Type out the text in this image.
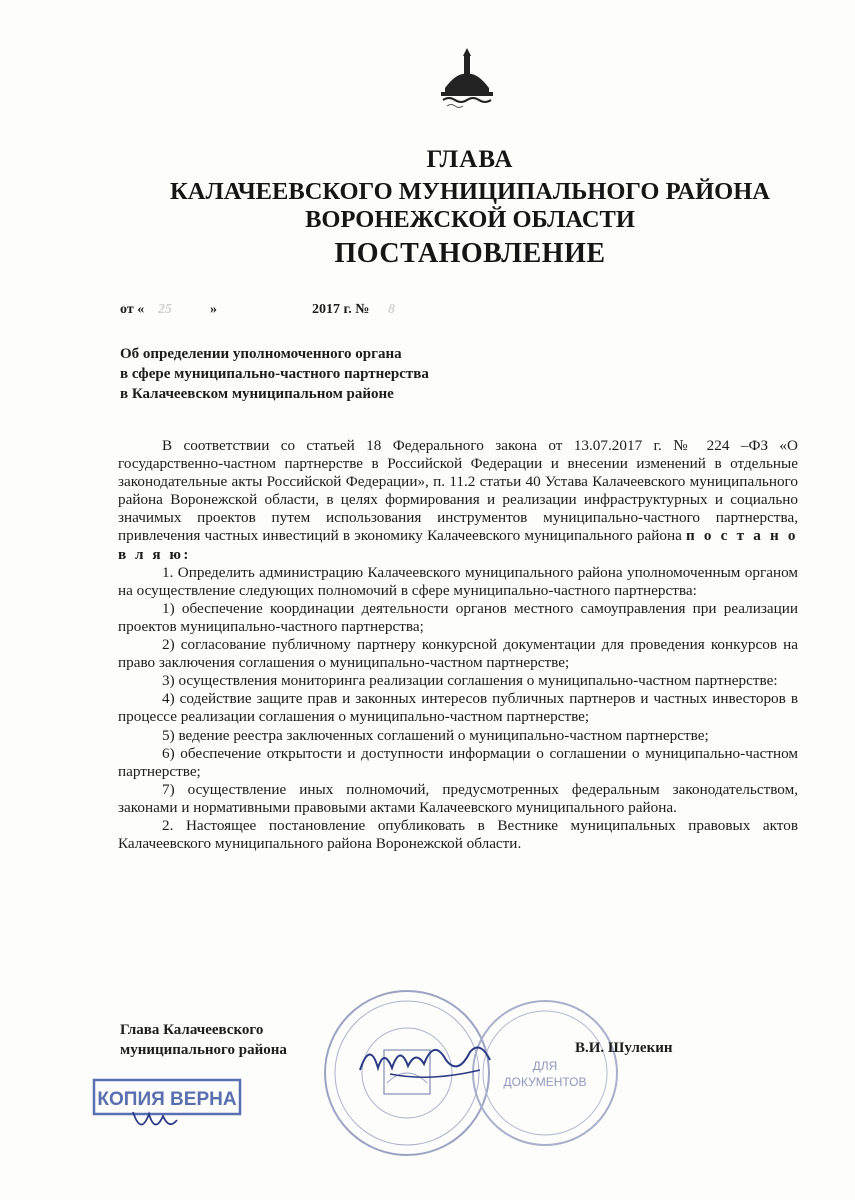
ГЛАВА
КАЛАЧЕЕВСКОГО МУНИЦИПАЛЬНОГО РАЙОНА
ВОРОНЕЖСКОЙ ОБЛАСТИ
ПОСТАНОВЛЕНИЕ
от « 25	»	2017 г. № 8
Об определении уполномоченного органа
в сфере муниципально-частного партнерства
в Калачеевском муниципальном районе

В соответствии со статьей 18 Федерального закона от 13.07.2017 г. № 224 –ФЗ «О государственно-частном партнерстве в Российской Федерации и внесении изменений в отдельные законодательные акты Российской Федерации», п. 11.2 статьи 40 Устава Калачеевского муниципального района Воронежской области, в целях формирования и реализации инфраструктурных и социально значимых проектов путем использования инструментов муниципально-частного партнерства, привлечения частных инвестиций в экономику Калачеевского муниципального района п о с т а н о в л я ю:

1. Определить администрацию Калачеевского муниципального района уполномоченным органом на осуществление следующих полномочий в сфере муниципально-частного партнерства:

1) обеспечение координации деятельности органов местного самоуправления при реализации проектов муниципально-частного партнерства;

2) согласование публичному партнеру конкурсной документации для проведения конкурсов на право заключения соглашения о муниципально-частном партнерстве;

3) осуществления мониторинга реализации соглашения о муниципально-частном партнерстве:

4) содействие защите прав и законных интересов публичных партнеров и частных инвесторов в процессе реализации соглашения о муниципально-частном партнерстве;

5) ведение реестра заключенных соглашений о муниципально-частном партнерстве;

6) обеспечение открытости и доступности информации о соглашении о муниципально-частном партнерстве;

7) осуществление иных полномочий, предусмотренных федеральным законодательством, законами и нормативными правовыми актами Калачеевского муниципального района.

2. Настоящее постановление опубликовать в Вестнике муниципальных правовых актов Калачеевского муниципального района Воронежской области.

ДЛЯ
ДОКУМЕНТОВ
Глава Калачеевского
муниципального района	В.И. Шулекин
КОПИЯ ВЕРНА
